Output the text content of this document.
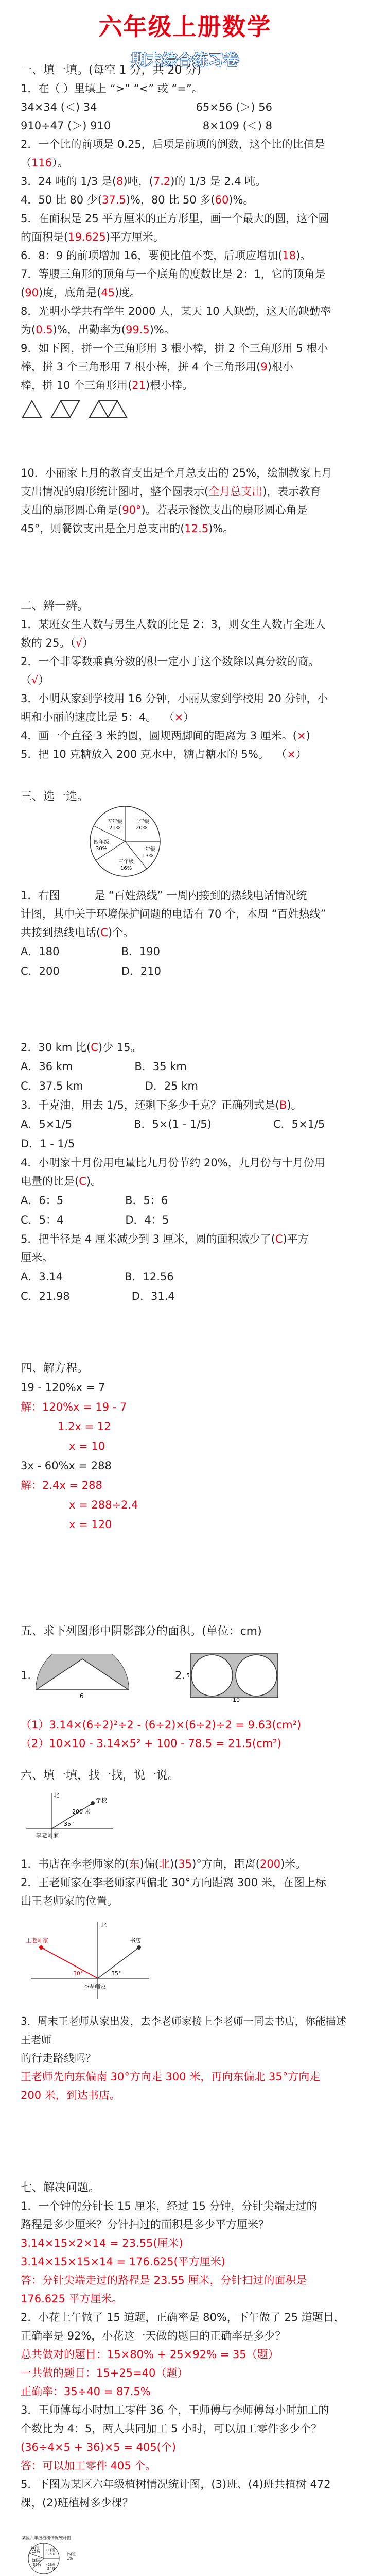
六年级上册数学
期末综合练习卷
一、填一填。(每空 1 分，共 20 分)
1．在（ ）里填上 “>” “<” 或 “=”。
34×34 (＜) 34	65×56 (＞) 56
910÷47 (＞) 910	8×109 (＜) 8
2．一个比的前项是 0.25，后项是前项的倒数，这个比的比值是（116）。
3．24 吨的 1/3 是(8)吨，(7.2)的 1/3 是 2.4 吨。
4．50 比 80 少(37.5)%，80 比 50 多(60)%。
5．在面积是 25 平方厘米的正方形里，画一个最大的圆，这个圆
的面积是(19.625)平方厘米。
6．8：9 的前项增加 16，要使比值不变，后项应增加(18)。
7．等腰三角形的顶角与一个底角的度数比是 2：1，它的顶角是
(90)度，底角是(45)度。
8．光明小学共有学生 2000 人，某天 10 人缺勤，这天的缺勤率
为(0.5)%，出勤率为(99.5)%。
9．如下图，拼一个三角形用 3 根小棒，拼 2 个三角形用 5 根小
棒，拼 3 个三角形用 7 根小棒，拼 4 个三角形用(9)根小
棒，拼 10 个三角形用(21)根小棒。
10．小丽家上月的教育支出是全月总支出的 25%，绘制教家上月
支出情况的扇形统计图时，整个圆表示(全月总支出)，表示教育
支出的扇形圆心角是(90°)。若表示餐饮支出的扇形圆心角是
45°，则餐饮支出是全月总支出的(12.5)%。
二、辨一辨。
1．某班女生人数与男生人数的比是 2：3，则女生人数占全班人
数的 25。（√）
2．一个非零数乘真分数的积一定小于这个数除以真分数的商。
（√）
3．小明从家到学校用 16 分钟，小丽从家到学校用 20 分钟，小
明和小丽的速度比是 5：4。  （×）
4．画一个直径 3 米的圆，圆规两脚间的距离为 3 厘米。(×)
5．把 10 克糖放入 200 克水中，糖占糖水的 5%。  （×）
三、选一选。
五年级
21%
二年级
20%
一年级
13%
三年级
16%
四年级
30%
1．右图          是 “百姓热线” 一周内接到的热线电话情况统
计图，其中关于环境保护问题的电话有 70 个，本周 “百姓热线”
共接到热线电话(C)个。
A．180	B．190
C．200	D．210
2．30 km 比(C)少 15。
A．36 km	B．35 km
C．37.5 km	D．25 km
3．千克油，用去 1/5，还剩下多少千克？正确列式是(B)。
A．5×1/5	B．5×(1 - 1/5)	C．5×1/5
D．1 - 1/5
4．小明家十月份用电量比九月份节约 20%，九月份与十月份用
电量的比是(C)。
A．6：5	B．5：6
C．5：4	D．4：5
5．把半径是 4 厘米减少到 3 厘米，圆的面积减少了(C)平方
厘米。
A．3.14	B．12.56
C．21.98	D．31.4
四、解方程。
19 - 120%x = 7
解：120%x = 19 - 7
1.2x = 12
x = 10
3x - 60%x = 288
解：2.4x = 288
x = 288÷2.4
x = 120
五、求下列图形中阴影部分的面积。(单位：cm)
1.
6
2.
10
5
（1）3.14×(6÷2)²÷2 - (6÷2)×(6÷2)÷2 = 9.63(cm²)
（2）10×10 - 3.14×5² + 100 - 78.5 = 21.5(cm²)
六、填一填，找一找，说一说。
北
学校
李老师家
35°
200 米
1．书店在李老师家的(东)偏(北)(35)°方向，距离(200)米。
2．王老师家在李老师家西偏北 30°方向距离 300 米，在图上标
出王老师家的位置。
北
王老师家	书店
李老师家
30°	35°
3．周末王老师从家出发，去李老师家接上李老师一同去书店，你能描述王老师
的行走路线吗？
王老师先向东偏南 30°方向走 300 米，再向东偏北 35°方向走
200 米，到达书店。
七、解决问题。
1．一个钟的分针长 15 厘米，经过 15 分钟，分针尖端走过的
路程是多少厘米？分针扫过的面积是多少平方厘米？
3.14×15×2×14 = 23.55(厘米)
3.14×15×15×14 = 176.625(平方厘米)
答：分针尖端走过的路程是 23.55 厘米，分针扫过的面积是
176.625 平方厘米。
2．小花上午做了 15 道题，正确率是 80%，下午做了 25 道题目，
正确率是 92%，小花这一天做的题目的正确率是多少？
总共做对的题目：15×80% + 25×92% = 35（题）
一共做的题目：15+25=40（题）
正确率：35÷40 = 87.5%
3．王师傅每小时加工零件 36 个，王师傅与李师傅每小时加工的
个数比为 4：5，两人共同加工 5 小时，可以加工零件多少个？
(36÷4×5 + 36)×5 = 405(个)
答：可以加工零件 405 个。
5．下图为某区六年级植树情况统计图，(3)班、(4)班共植树 472
棵，(2)班植树多少棵？
某区六年级植树情况统计图
(1)班
25%
(2)班
24%
(3)班
35%
(4)班
15%
(5)班
1%
